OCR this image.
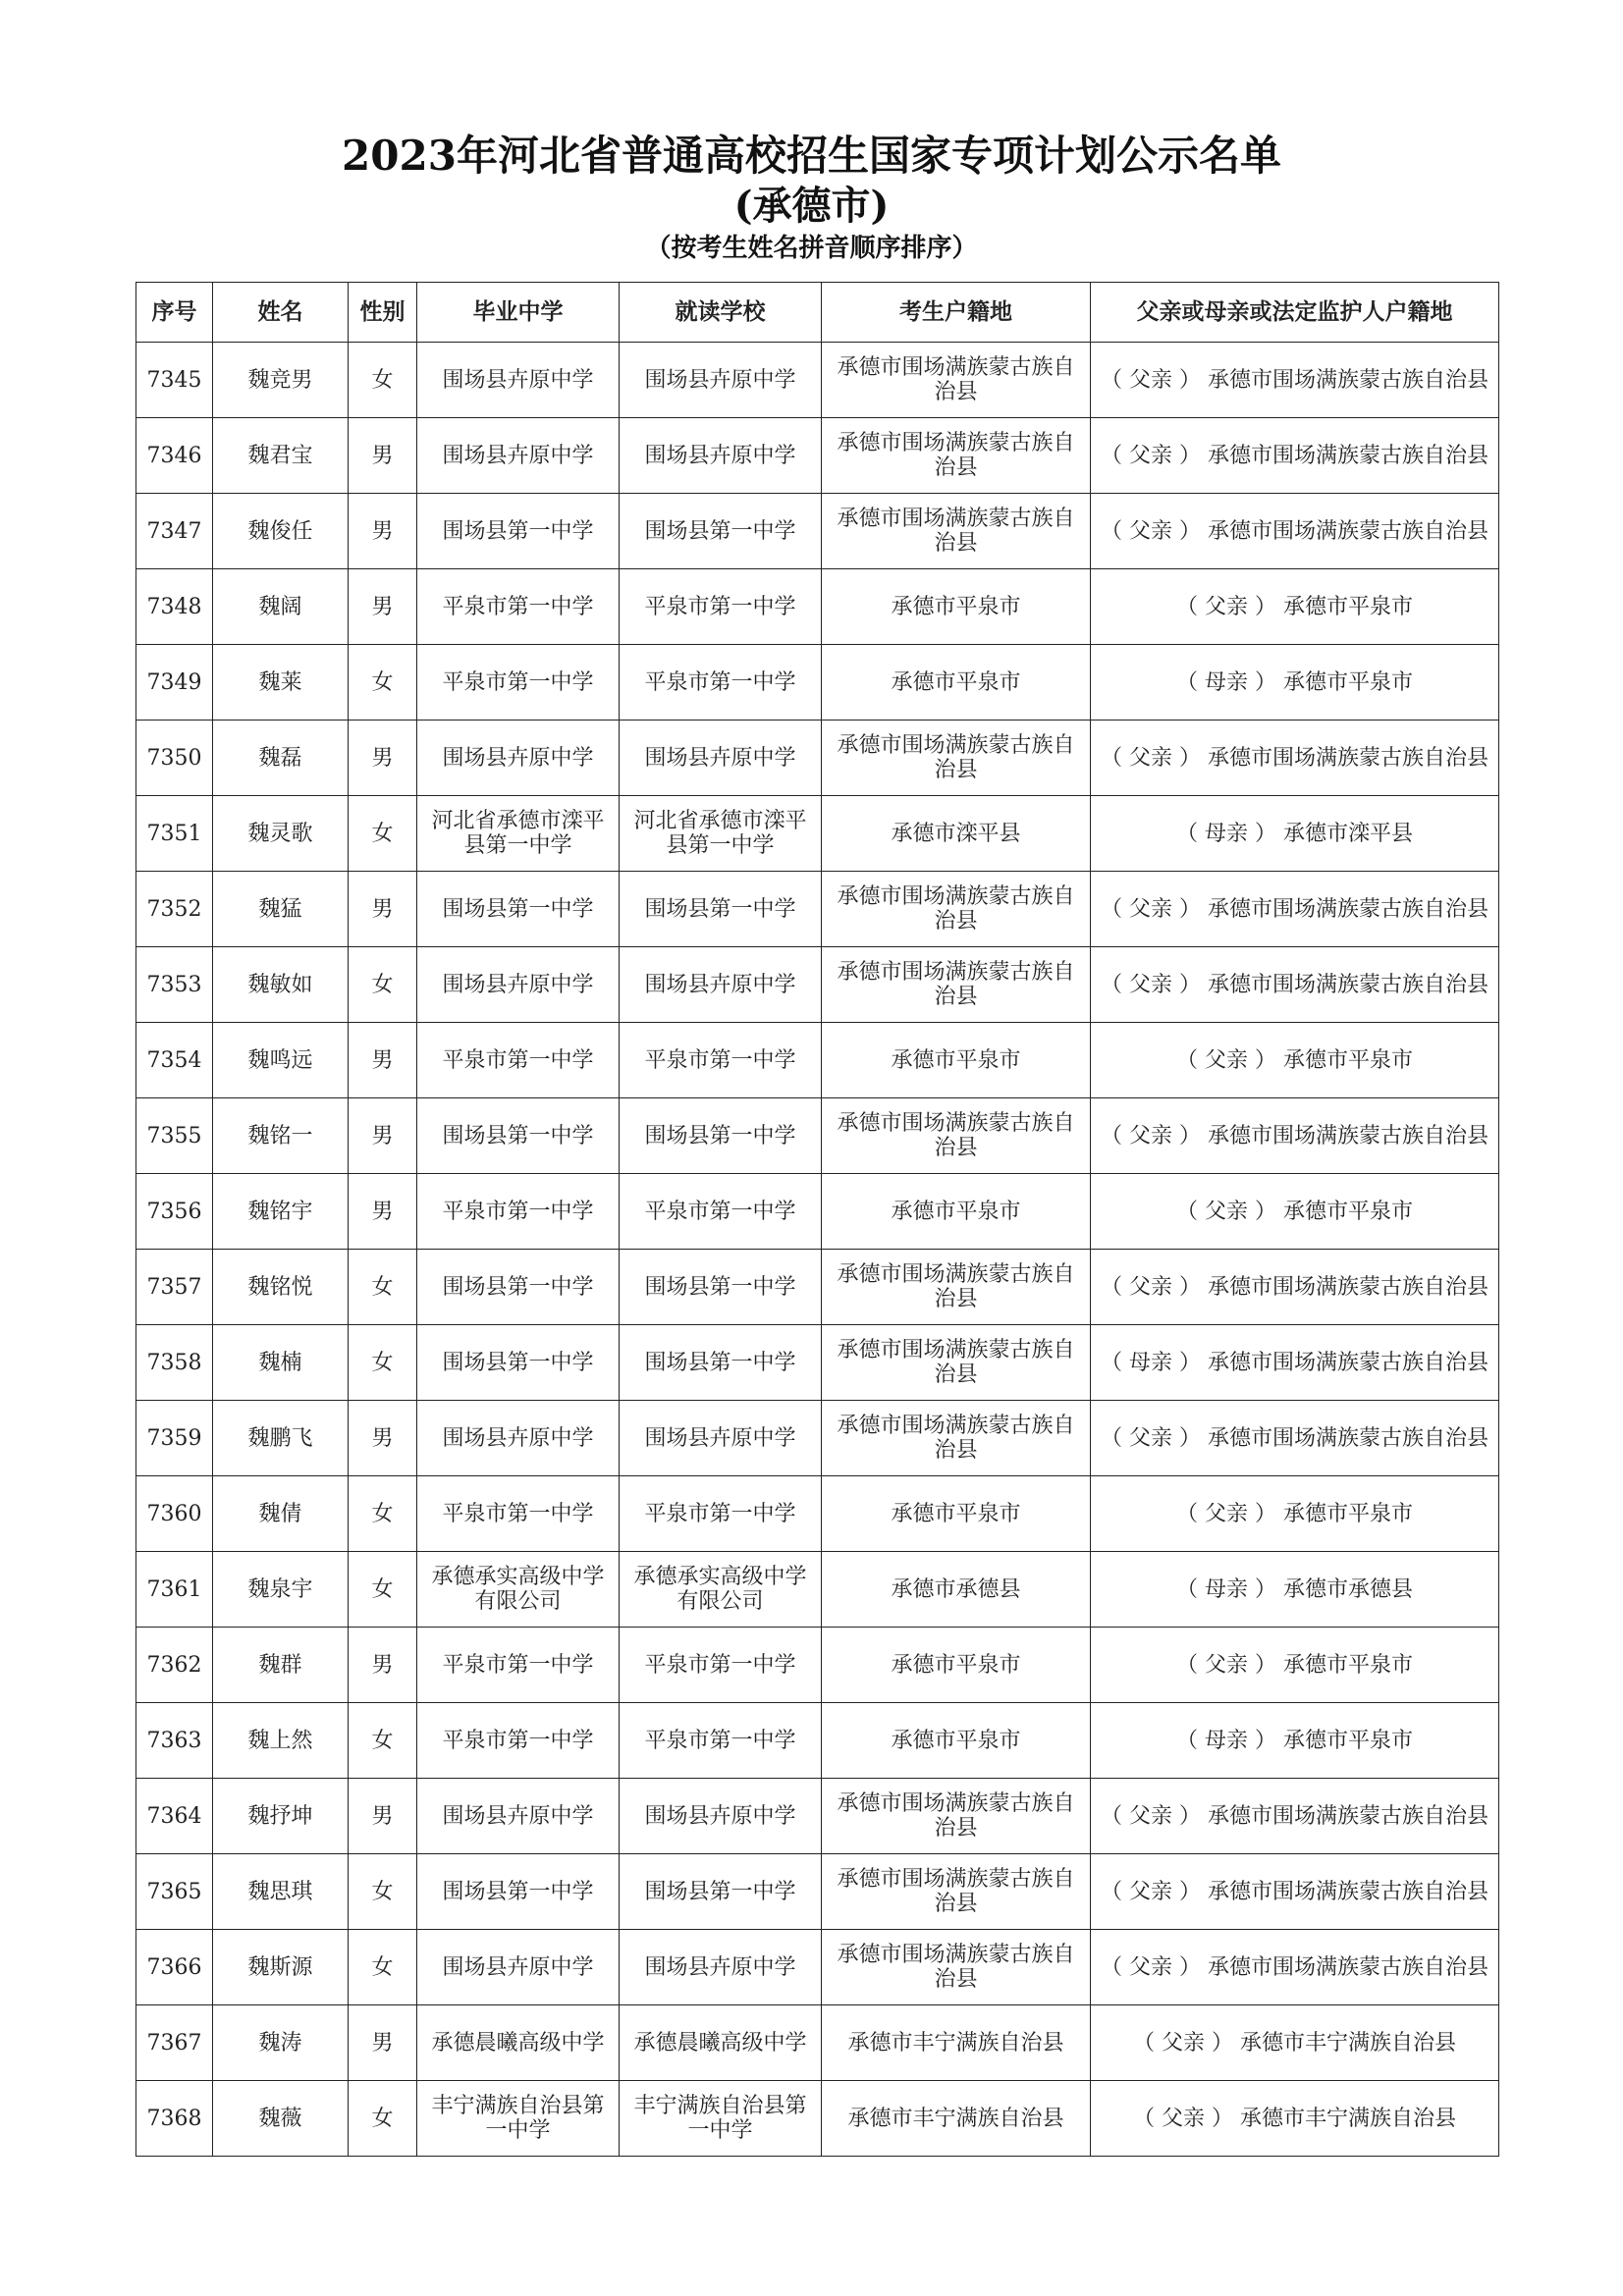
2023年河北省普通高校招生国家专项计划公示名单
(承德市)
（按考生姓名拼音顺序排序）
序号	姓名	性别	毕业中学	就读学校	考生户籍地	父亲或母亲或法定监护人户籍地
7345	魏竞男	女	围场县卉原中学	围场县卉原中学	承德市围场满族蒙古族自治县	（ 父亲 ） 承德市围场满族蒙古族自治县
7346	魏君宝	男	围场县卉原中学	围场县卉原中学	承德市围场满族蒙古族自治县	（ 父亲 ） 承德市围场满族蒙古族自治县
7347	魏俊任	男	围场县第一中学	围场县第一中学	承德市围场满族蒙古族自治县	（ 父亲 ） 承德市围场满族蒙古族自治县
7348	魏阔	男	平泉市第一中学	平泉市第一中学	承德市平泉市	（ 父亲 ） 承德市平泉市
7349	魏莱	女	平泉市第一中学	平泉市第一中学	承德市平泉市	（ 母亲 ） 承德市平泉市
7350	魏磊	男	围场县卉原中学	围场县卉原中学	承德市围场满族蒙古族自治县	（ 父亲 ） 承德市围场满族蒙古族自治县
7351	魏灵歌	女	河北省承德市滦平县第一中学	河北省承德市滦平县第一中学	承德市滦平县	（ 母亲 ） 承德市滦平县
7352	魏猛	男	围场县第一中学	围场县第一中学	承德市围场满族蒙古族自治县	（ 父亲 ） 承德市围场满族蒙古族自治县
7353	魏敏如	女	围场县卉原中学	围场县卉原中学	承德市围场满族蒙古族自治县	（ 父亲 ） 承德市围场满族蒙古族自治县
7354	魏鸣远	男	平泉市第一中学	平泉市第一中学	承德市平泉市	（ 父亲 ） 承德市平泉市
7355	魏铭一	男	围场县第一中学	围场县第一中学	承德市围场满族蒙古族自治县	（ 父亲 ） 承德市围场满族蒙古族自治县
7356	魏铭宇	男	平泉市第一中学	平泉市第一中学	承德市平泉市	（ 父亲 ） 承德市平泉市
7357	魏铭悦	女	围场县第一中学	围场县第一中学	承德市围场满族蒙古族自治县	（ 父亲 ） 承德市围场满族蒙古族自治县
7358	魏楠	女	围场县第一中学	围场县第一中学	承德市围场满族蒙古族自治县	（ 母亲 ） 承德市围场满族蒙古族自治县
7359	魏鹏飞	男	围场县卉原中学	围场县卉原中学	承德市围场满族蒙古族自治县	（ 父亲 ） 承德市围场满族蒙古族自治县
7360	魏倩	女	平泉市第一中学	平泉市第一中学	承德市平泉市	（ 父亲 ） 承德市平泉市
7361	魏泉宇	女	承德承实高级中学有限公司	承德承实高级中学有限公司	承德市承德县	（ 母亲 ） 承德市承德县
7362	魏群	男	平泉市第一中学	平泉市第一中学	承德市平泉市	（ 父亲 ） 承德市平泉市
7363	魏上然	女	平泉市第一中学	平泉市第一中学	承德市平泉市	（ 母亲 ） 承德市平泉市
7364	魏抒坤	男	围场县卉原中学	围场县卉原中学	承德市围场满族蒙古族自治县	（ 父亲 ） 承德市围场满族蒙古族自治县
7365	魏思琪	女	围场县第一中学	围场县第一中学	承德市围场满族蒙古族自治县	（ 父亲 ） 承德市围场满族蒙古族自治县
7366	魏斯源	女	围场县卉原中学	围场县卉原中学	承德市围场满族蒙古族自治县	（ 父亲 ） 承德市围场满族蒙古族自治县
7367	魏涛	男	承德晨曦高级中学	承德晨曦高级中学	承德市丰宁满族自治县	（ 父亲 ） 承德市丰宁满族自治县
7368	魏薇	女	丰宁满族自治县第一中学	丰宁满族自治县第一中学	承德市丰宁满族自治县	（ 父亲 ） 承德市丰宁满族自治县
